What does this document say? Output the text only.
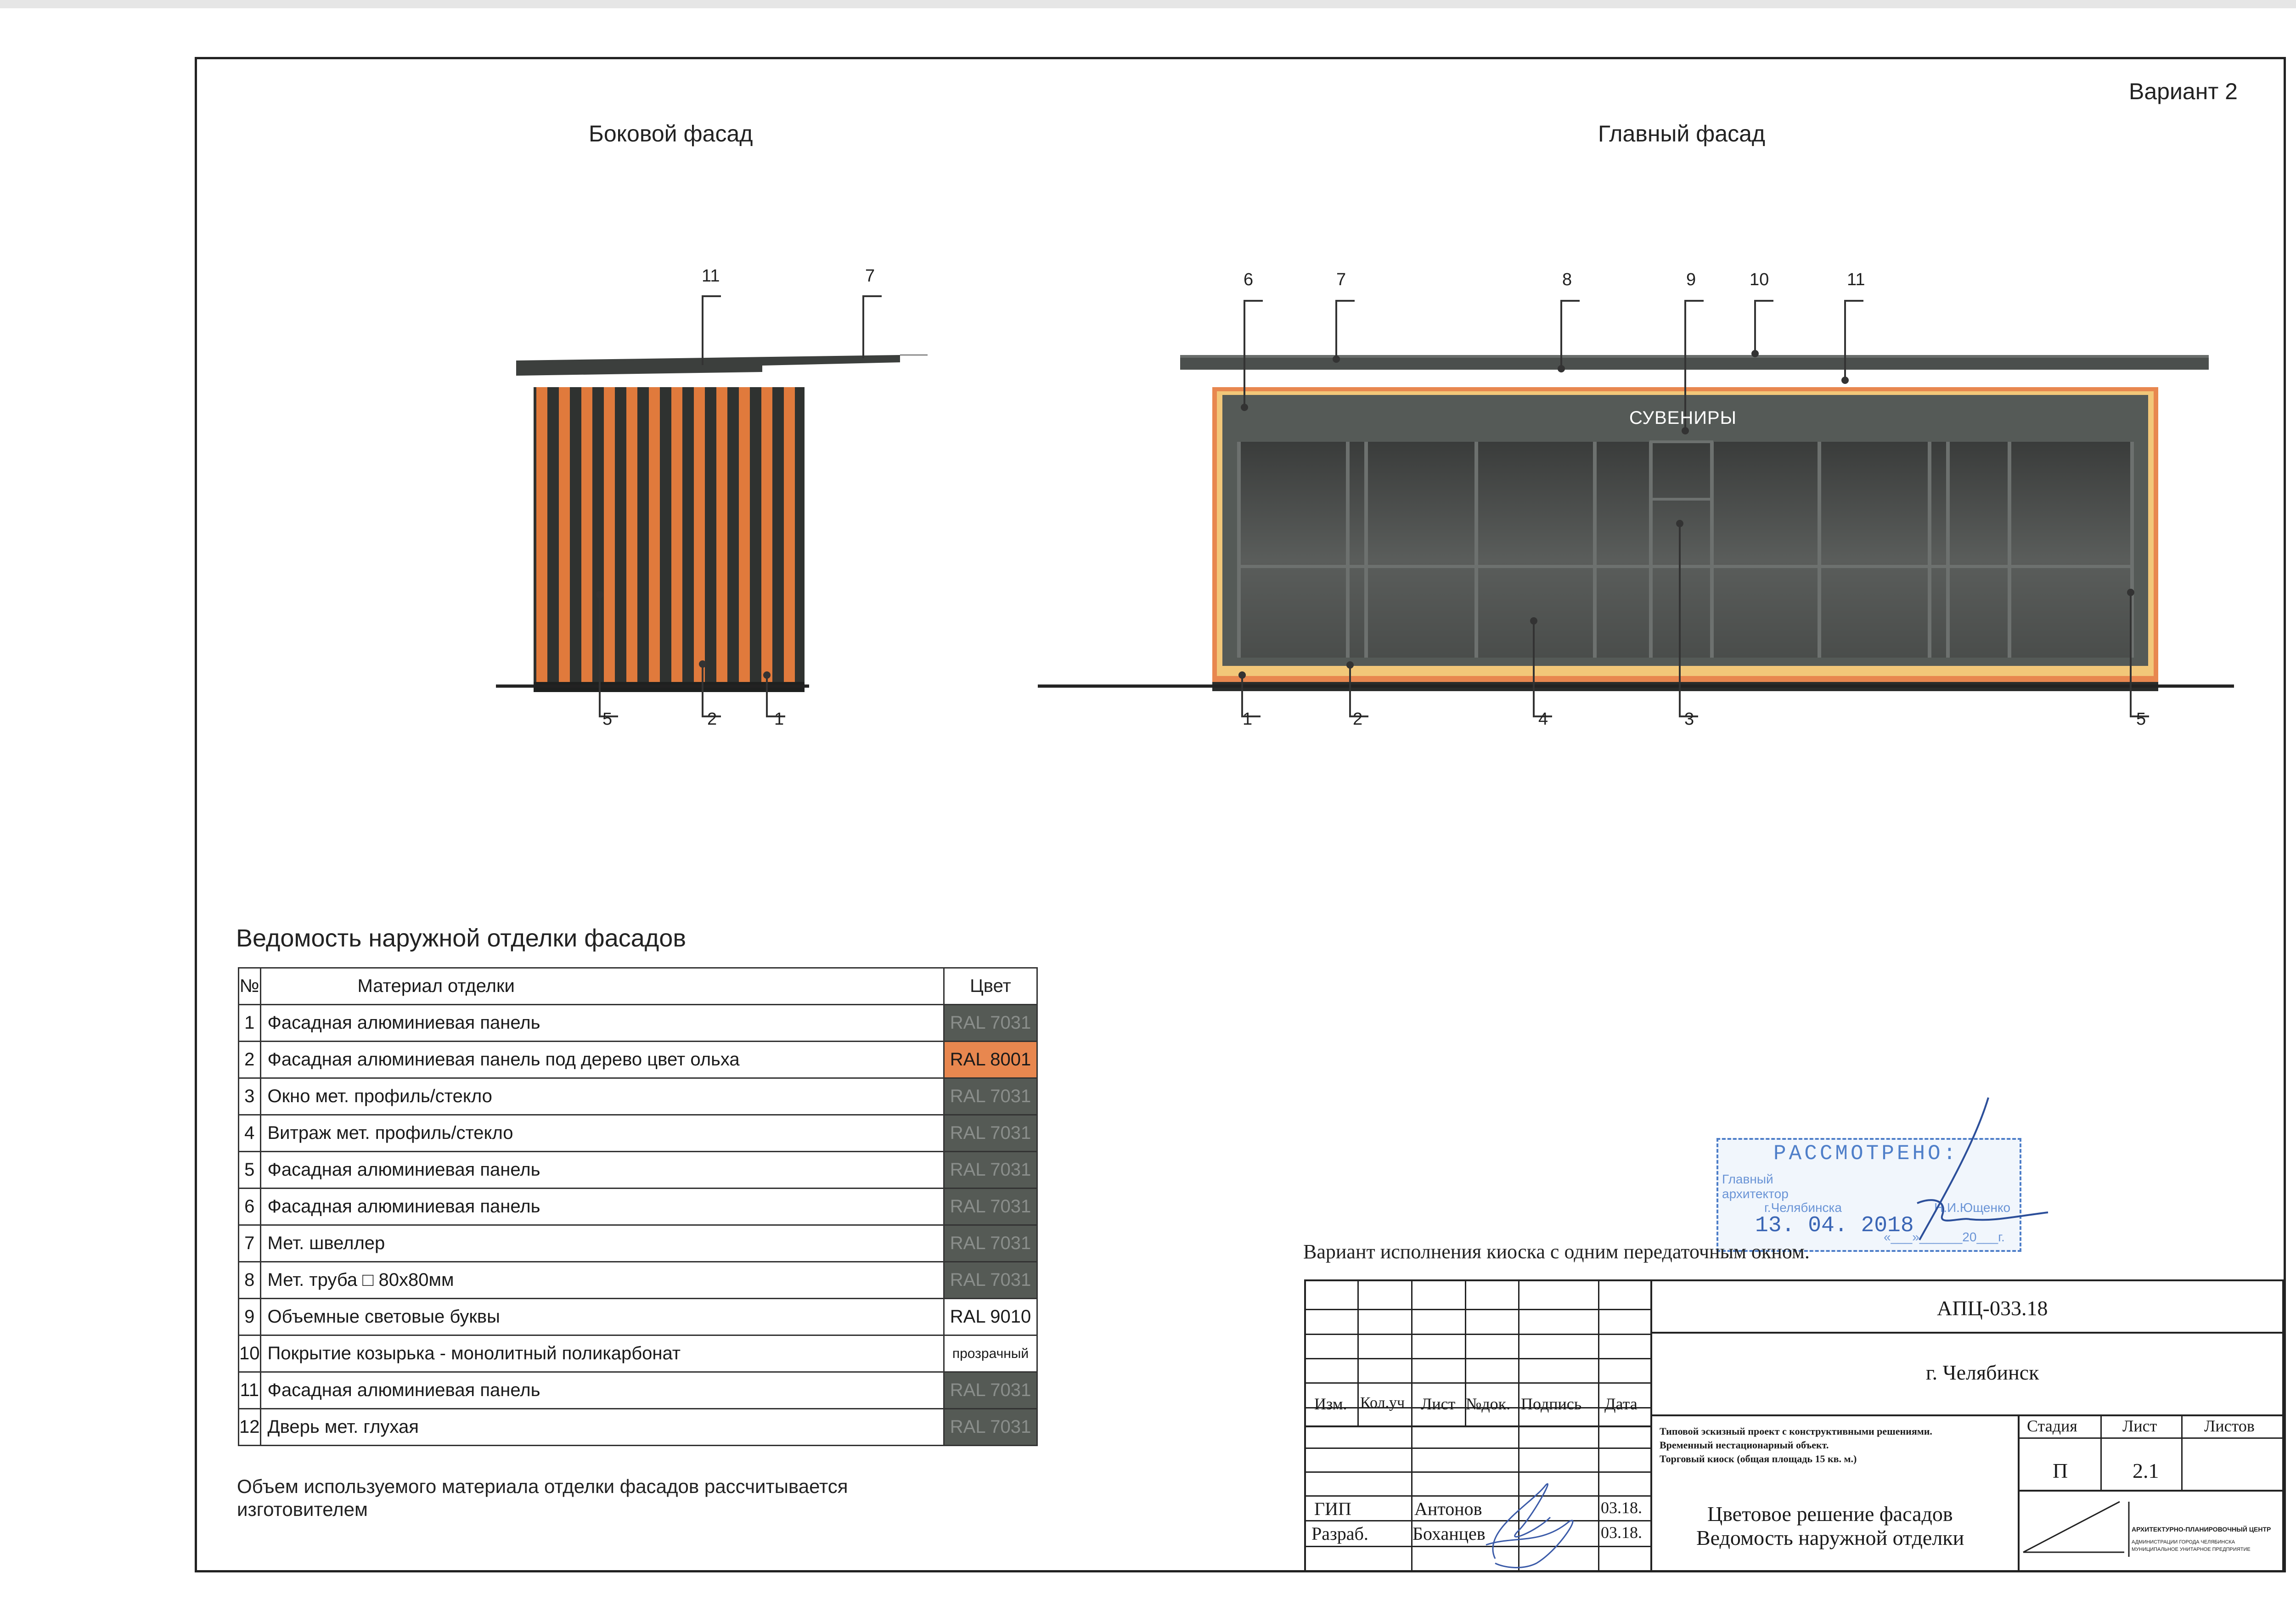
Вариант 2
Боковой фасад
11	7
5	2	1
Главный фасад
СУВЕНИРЫ
6	7	8	9	10	11
1	2	4	3	5
Ведомость наружной отделки фасадов
№	Материал отделки	Цвет
1	Фасадная алюминиевая панель	RAL 7031
2	Фасадная алюминиевая панель под дерево цвет ольха	RAL 8001
3	Окно мет. профиль/стекло	RAL 7031
4	Витраж мет. профиль/стекло	RAL 7031
5	Фасадная алюминиевая панель	RAL 7031
6	Фасадная алюминиевая панель	RAL 7031
7	Мет. швеллер	RAL 7031
8	Мет. труба □ 80х80мм	RAL 7031
9	Объемные световые буквы	RAL 9010
10	Покрытие козырька - монолитный поликарбонат	прозрачный
11	Фасадная алюминиевая панель	RAL 7031
12	Дверь мет. глухая	RAL 7031
Объем используемого материала отделки фасадов рассчитывается изготовителем
РАССМОТРЕНО:
Главный
архитектор
г.Челябинска	Н.И.Ющенко
13. 04. 2018
«___»______20___г.
Вариант исполнения киоска с одним передаточным окном.
АПЦ-033.18
г. Челябинск
Изм. Кол.уч Лист №док. Подпись Дата
Типовой эскизный проект с конструктивными решениями.
Временный нестационарный объект.
Торговый киоск (общая площадь 15 кв. м.)
Стадия	Лист	Листов
П	2.1
ГИП	Антонов	03.18.
Разраб. Боханцев	03.18.
Цветовое решение фасадов
Ведомость наружной отделки	АРХИТЕКТУРНО-ПЛАНИРОВОЧНЫЙ ЦЕНТР
АДМИНИСТРАЦИИ ГОРОДА ЧЕЛЯБИНСКА
МУНИЦИПАЛЬНОЕ УНИТАРНОЕ ПРЕДПРИЯТИЕ
